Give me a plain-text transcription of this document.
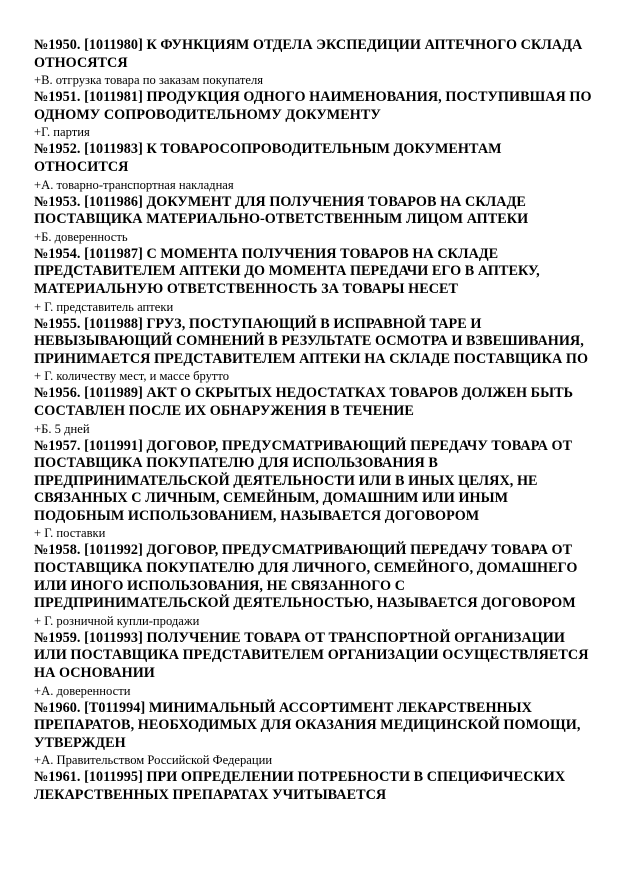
№1950. [1011980] К ФУНКЦИЯМ ОТДЕЛА ЭКСПЕДИЦИИ АПТЕЧНОГО СКЛАДА ОТНОСЯТСЯ

+В. отгрузка товара по заказам покупателя

№1951. [1011981] ПРОДУКЦИЯ ОДНОГО НАИМЕНОВАНИЯ, ПОСТУПИВШАЯ ПО ОДНОМУ СОПРОВОДИТЕЛЬНОМУ ДОКУМЕНТУ

+Г. партия

№1952. [1011983] К ТОВАРОСОПРОВОДИТЕЛЬНЫМ ДОКУМЕНТАМ ОТНОСИТСЯ

+А. товарно-транспортная накладная

№1953. [1011986] ДОКУМЕНТ ДЛЯ ПОЛУЧЕНИЯ ТОВАРОВ НА СКЛАДЕ ПОСТАВЩИКА МАТЕРИАЛЬНО-ОТВЕТСТВЕННЫМ ЛИЦОМ АПТЕКИ

+Б. доверенность

№1954. [1011987] С МОМЕНТА ПОЛУЧЕНИЯ ТОВАРОВ НА СКЛАДЕ ПРЕДСТАВИТЕЛЕМ АПТЕКИ ДО МОМЕНТА ПЕРЕДАЧИ ЕГО В АПТЕКУ, МАТЕРИАЛЬНУЮ ОТВЕТСТВЕННОСТЬ ЗА ТОВАРЫ НЕСЕТ

+ Г. представитель аптеки

№1955. [1011988] ГРУЗ, ПОСТУПАЮЩИЙ В ИСПРАВНОЙ ТАРЕ И НЕВЫЗЫВАЮЩИЙ СОМНЕНИЙ В РЕЗУЛЬТАТЕ ОСМОТРА И ВЗВЕШИВАНИЯ, ПРИНИМАЕТСЯ ПРЕДСТАВИТЕЛЕМ АПТЕКИ НА СКЛАДЕ ПОСТАВЩИКА ПО

+ Г. количеству мест, и массе брутто

№1956. [1011989] АКТ О СКРЫТЫХ НЕДОСТАТКАХ ТОВАРОВ ДОЛЖЕН БЫТЬ СОСТАВЛЕН ПОСЛЕ ИХ ОБНАРУЖЕНИЯ В ТЕЧЕНИЕ

+Б. 5 дней

№1957. [1011991] ДОГОВОР, ПРЕДУСМАТРИВАЮЩИЙ ПЕРЕДАЧУ ТОВАРА ОТ ПОСТАВЩИКА ПОКУПАТЕЛЮ ДЛЯ ИСПОЛЬЗОВАНИЯ В ПРЕДПРИНИМАТЕЛЬСКОЙ ДЕЯТЕЛЬНОСТИ ИЛИ В ИНЫХ ЦЕЛЯХ, НЕ СВЯЗАННЫХ С ЛИЧНЫМ, СЕМЕЙНЫМ, ДОМАШНИМ ИЛИ ИНЫМ ПОДОБНЫМ ИСПОЛЬЗОВАНИЕМ, НАЗЫВАЕТСЯ ДОГОВОРОМ

+ Г. поставки

№1958. [1011992] ДОГОВОР, ПРЕДУСМАТРИВАЮЩИЙ ПЕРЕДАЧУ ТОВАРА ОТ ПОСТАВЩИКА ПОКУПАТЕЛЮ ДЛЯ ЛИЧНОГО, СЕМЕЙНОГО, ДОМАШНЕГО ИЛИ ИНОГО ИСПОЛЬЗОВАНИЯ, НЕ СВЯЗАННОГО С ПРЕДПРИНИМАТЕЛЬСКОЙ ДЕЯТЕЛЬНОСТЬЮ, НАЗЫВАЕТСЯ ДОГОВОРОМ

+ Г. розничной купли-продажи

№1959. [1011993] ПОЛУЧЕНИЕ ТОВАРА ОТ ТРАНСПОРТНОЙ ОРГАНИЗАЦИИ ИЛИ ПОСТАВЩИКА ПРЕДСТАВИТЕЛЕМ ОРГАНИЗАЦИИ ОСУЩЕСТВЛЯЕТСЯ НА ОСНОВАНИИ

+А. доверенности

№1960. [Т011994] МИНИМАЛЬНЫЙ АССОРТИМЕНТ ЛЕКАРСТВЕННЫХ ПРЕПАРАТОВ, НЕОБХОДИМЫХ ДЛЯ ОКАЗАНИЯ МЕДИЦИНСКОЙ ПОМОЩИ, УТВЕРЖДЕН

+А. Правительством Российской Федерации

№1961. [1011995] ПРИ ОПРЕДЕЛЕНИИ ПОТРЕБНОСТИ В СПЕЦИФИЧЕСКИХ ЛЕКАРСТВЕННЫХ ПРЕПАРАТАХ УЧИТЫВАЕТСЯ
